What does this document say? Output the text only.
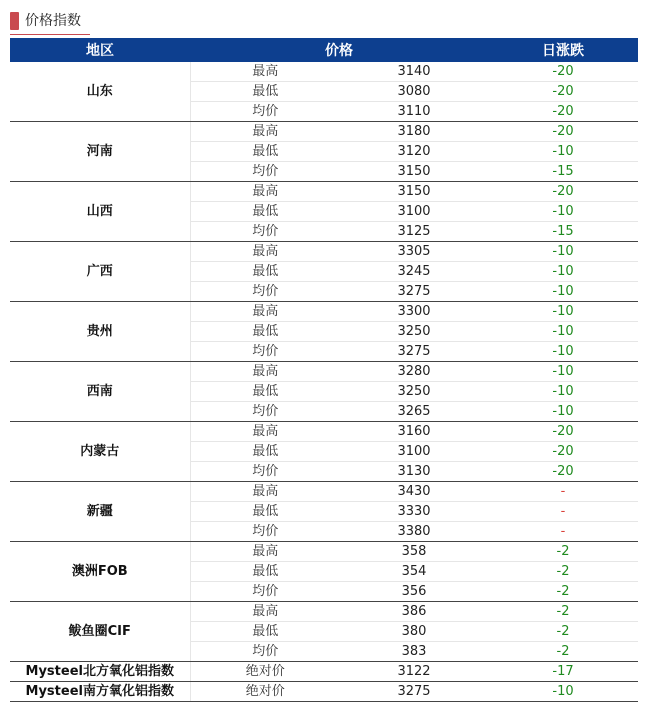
价格指数
地区	价格		日涨跌
山东	最高	3140	-20
	最低	3080	-20
	均价	3110	-20
河南	最高	3180	-20
	最低	3120	-10
	均价	3150	-15
山西	最高	3150	-20
	最低	3100	-10
	均价	3125	-15
广西	最高	3305	-10
	最低	3245	-10
	均价	3275	-10
贵州	最高	3300	-10
	最低	3250	-10
	均价	3275	-10
西南	最高	3280	-10
	最低	3250	-10
	均价	3265	-10
内蒙古	最高	3160	-20
	最低	3100	-20
	均价	3130	-20
新疆	最高	3430	-
	最低	3330	-
	均价	3380	-
澳洲FOB	最高	358	-2
	最低	354	-2
	均价	356	-2
鲅鱼圈CIF	最高	386	-2
	最低	380	-2
	均价	383	-2
Mysteel北方氧化铝指数	绝对价	3122	-17
Mysteel南方氧化铝指数	绝对价	3275	-10
